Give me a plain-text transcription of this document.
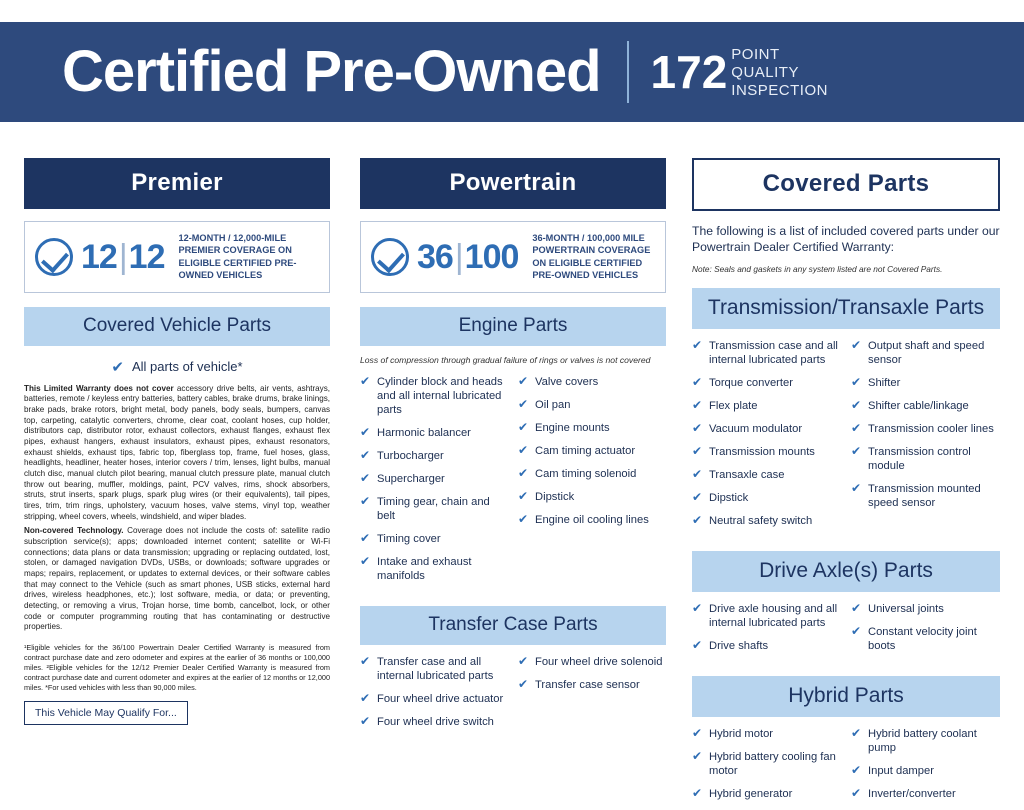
Certified Pre-Owned 172 POINT
QUALITY
INSPECTION
Premier
12|12 12-MONTH / 12,000-MILE PREMIER COVERAGE ON ELIGIBLE CERTIFIED PRE-OWNED VEHICLES
Covered Vehicle Parts
✔ All parts of vehicle*
This Limited Warranty does not cover accessory drive belts, air vents, ashtrays, batteries, remote / keyless entry batteries, battery cables, brake drums, brake linings, brake pads, brake rotors, bright metal, body panels, body seals, bumpers, canvas top, carpeting, catalytic converters, chrome, clear coat, coolant hoses, cup holder, distributors cap, distributor rotor, exhaust collectors, exhaust flanges, exhaust flex pipes, exhaust hangers, exhaust insulators, exhaust pipes, exhaust resonators, exhaust shields, exhaust tips, fabric top, fiberglass top, frame, fuel hoses, glass, headlights, headliner, heater hoses, interior covers / trim, lenses, light bulbs, manual clutch disc, manual clutch pilot bearing, manual clutch pressure plate, manual clutch throw out bearing, muffler, moldings, paint, PCV valves, rims, shock absorbers, struts, strut inserts, spark plugs, spark plug wires (or their equivalents), tail pipes, tires, trim, trim rings, upholstery, vacuum hoses, valve stems, vinyl top, weather stripping, wheel covers, wheels, windshield, and wiper blades.
Non-covered Technology. Coverage does not include the costs of: satellite radio subscription service(s); apps; downloaded internet content; satellite or Wi-Fi connections; data plans or data transmission; upgrading or replacing outdated, lost, stolen, or damaged navigation DVDs, USBs, or downloads; software upgrades or maps; repairs, replacement, or updates to external devices, or their software cables that may connect to the Vehicle (such as smart phones, USB sticks, external hard drives, wireless headphones, etc.); lost software, media, or data; or preventing, detecting, or removing a virus, Trojan horse, time bomb, cancelbot, lock, or other code or computer programming routing that has contaminating or destructive properties.
¹Eligible vehicles for the 36/100 Powertrain Dealer Certified Warranty is measured from contract purchase date and zero odometer and expires at the earlier of 36 months or 100,000 miles. ²Eligible vehicles for the 12/12 Premier Dealer Certified Warranty is measured from contract purchase date and current odometer and expires at the earlier of 12 months or 12,000 miles. *For used vehicles with less than 90,000 miles.
This Vehicle May Qualify For...
Powertrain
36|100 36-MONTH / 100,000 MILE POWERTRAIN COVERAGE ON ELIGIBLE CERTIFIED PRE-OWNED VEHICLES
Engine Parts
Loss of compression through gradual failure of rings or valves is not covered
✔ Cylinder block and heads and all internal lubricated parts
✔ Harmonic balancer
✔ Turbocharger
✔ Supercharger
✔ Timing gear, chain and belt
✔ Timing cover
✔ Intake and exhaust manifolds
✔ Valve covers
✔ Oil pan
✔ Engine mounts
✔ Cam timing actuator
✔ Cam timing solenoid
✔ Dipstick
✔ Engine oil cooling lines
Transfer Case Parts
✔ Transfer case and all internal lubricated parts
✔ Four wheel drive actuator
✔ Four wheel drive switch
✔ Four wheel drive solenoid
✔ Transfer case sensor
Covered Parts
The following is a list of included covered parts under our Powertrain Dealer Certified Warranty:
Note: Seals and gaskets in any system listed are not Covered Parts.
Transmission/Transaxle Parts
✔ Transmission case and all internal lubricated parts
✔ Torque converter
✔ Flex plate
✔ Vacuum modulator
✔ Transmission mounts
✔ Transaxle case
✔ Dipstick
✔ Neutral safety switch
✔ Output shaft and speed sensor
✔ Shifter
✔ Shifter cable/linkage
✔ Transmission cooler lines
✔ Transmission control module
✔ Transmission mounted speed sensor
Drive Axle(s) Parts
✔ Drive axle housing and all internal lubricated parts
✔ Drive shafts
✔ Universal joints
✔ Constant velocity joint boots
Hybrid Parts
✔ Hybrid motor
✔ Hybrid battery cooling fan motor
✔ Hybrid generator
✔ Hybrid battery coolant pump
✔ Input damper
✔ Inverter/converter
